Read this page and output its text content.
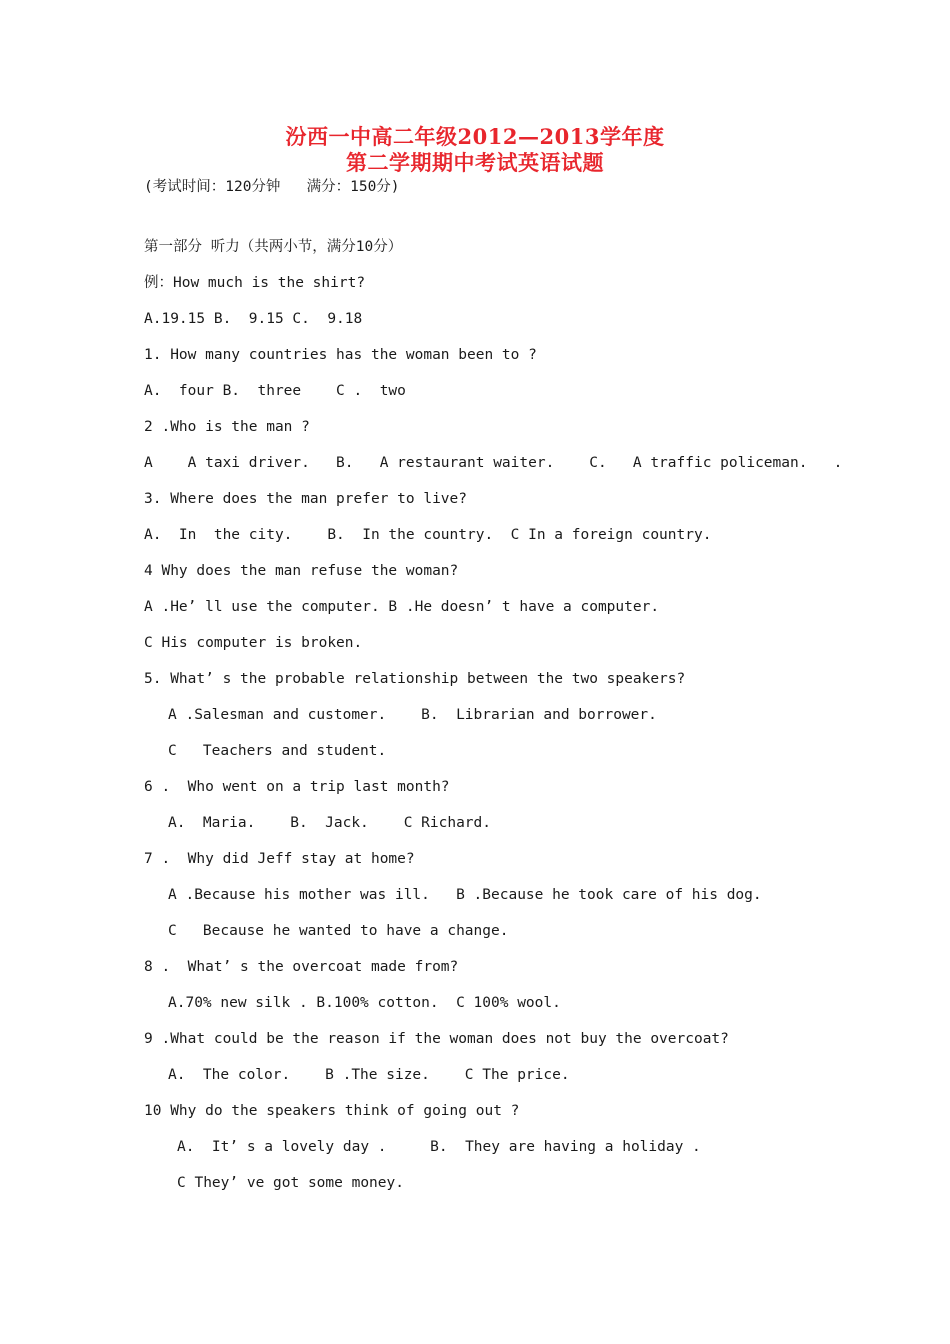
汾西一中高二年级2012—2013学年度
第二学期期中考试英语试题
(考试时间：120分钟   满分：150分)
第一部分 听力（共两小节，满分10分）
例：How much is the shirt?
A.19.15 B.  9.15 C.  9.18
1. How many countries has the woman been to ?
A.  four B.  three    C .  two
2 .Who is the man ?
A    A taxi driver.   B.   A restaurant waiter.    C.   A traffic policeman.   .
3. Where does the man prefer to live?
A.  In  the city.    B.  In the country.  C In a foreign country.
4 Why does the man refuse the woman?
A .He’ ll use the computer. B .He doesn’ t have a computer.
C His computer is broken.
5. What’ s the probable relationship between the two speakers?
A .Salesman and customer.    B.  Librarian and borrower.
C   Teachers and student.
6 .  Who went on a trip last month?
A.  Maria.    B.  Jack.    C Richard.
7 .  Why did Jeff stay at home?
A .Because his mother was ill.   B .Because he took care of his dog.
C   Because he wanted to have a change.
8 .  What’ s the overcoat made from?
A.70% new silk . B.100% cotton.  C 100% wool.
9 .What could be the reason if the woman does not buy the overcoat?
A.  The color.    B .The size.    C The price.
10 Why do the speakers think of going out ?
A.  It’ s a lovely day .     B.  They are having a holiday .
C They’ ve got some money.
